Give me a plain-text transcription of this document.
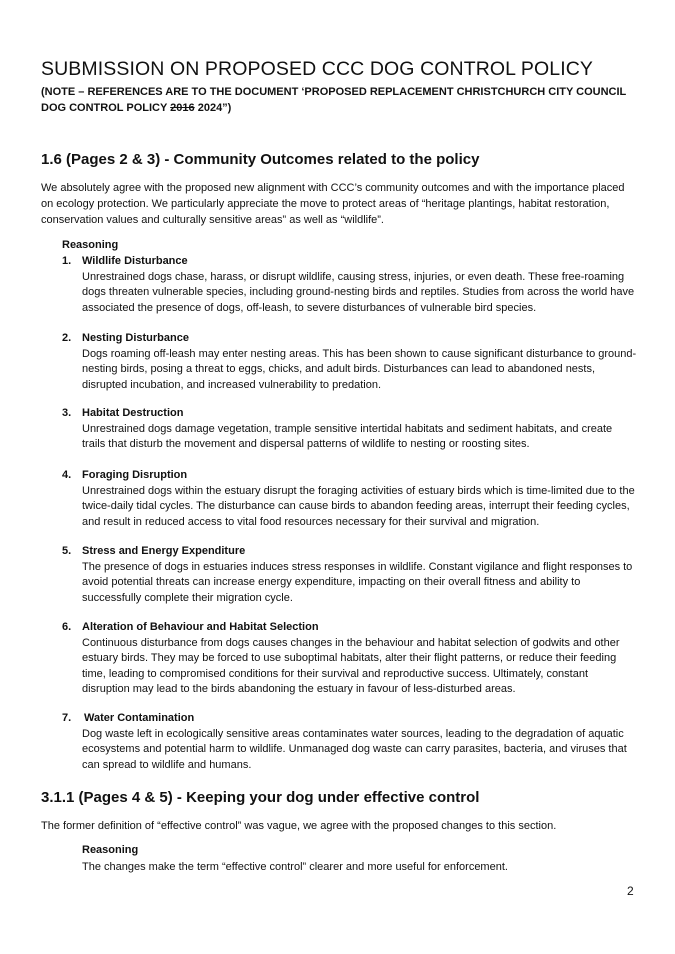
SUBMISSION ON PROPOSED CCC DOG CONTROL POLICY
(NOTE – REFERENCES ARE TO THE DOCUMENT ‘PROPOSED REPLACEMENT CHRISTCHURCH CITY COUNCIL DOG CONTROL POLICY 2016 2024”)
1.6 (Pages 2 & 3) - Community Outcomes related to the policy
We absolutely agree with the proposed new alignment with CCC’s community outcomes and with the importance placed on ecology protection. We particularly appreciate the move to protect areas of “heritage plantings, habitat restoration, conservation values and culturally sensitive areas” as well as “wildlife”.
Reasoning
1. Wildlife Disturbance
Unrestrained dogs chase, harass, or disrupt wildlife, causing stress, injuries, or even death. These free-roaming dogs threaten vulnerable species, including ground-nesting birds and reptiles. Studies from across the world have associated the presence of dogs, off-leash, to severe disturbances of vulnerable bird species.
2. Nesting Disturbance
Dogs roaming off-leash may enter nesting areas. This has been shown to cause significant disturbance to ground-nesting birds, posing a threat to eggs, chicks, and adult birds. Disturbances can lead to abandoned nests, disrupted incubation, and increased vulnerability to predation.
3. Habitat Destruction
Unrestrained dogs damage vegetation, trample sensitive intertidal habitats and sediment habitats, and create trails that disturb the movement and dispersal patterns of wildlife to nesting or roosting sites.
4. Foraging Disruption
Unrestrained dogs within the estuary disrupt the foraging activities of estuary birds which is time-limited due to the twice-daily tidal cycles. The disturbance can cause birds to abandon feeding areas, interrupt their feeding cycles, and result in reduced access to vital food resources necessary for their survival and migration.
5. Stress and Energy Expenditure
The presence of dogs in estuaries induces stress responses in wildlife. Constant vigilance and flight responses to avoid potential threats can increase energy expenditure, impacting on their overall fitness and ability to successfully complete their migration cycle.
6. Alteration of Behaviour and Habitat Selection
Continuous disturbance from dogs causes changes in the behaviour and habitat selection of godwits and other estuary birds. They may be forced to use suboptimal habitats, alter their flight patterns, or reduce their feeding time, leading to compromised conditions for their survival and reproductive success. Ultimately, constant disruption may lead to the birds abandoning the estuary in favour of less-disturbed areas.
7. Water Contamination
Dog waste left in ecologically sensitive areas contaminates water sources, leading to the degradation of aquatic ecosystems and potential harm to wildlife. Unmanaged dog waste can carry parasites, bacteria, and viruses that can spread to wildlife and humans.
3.1.1 (Pages 4 & 5) - Keeping your dog under effective control
The former definition of “effective control” was vague, we agree with the proposed changes to this section.
Reasoning
The changes make the term “effective control” clearer and more useful for enforcement.
2
